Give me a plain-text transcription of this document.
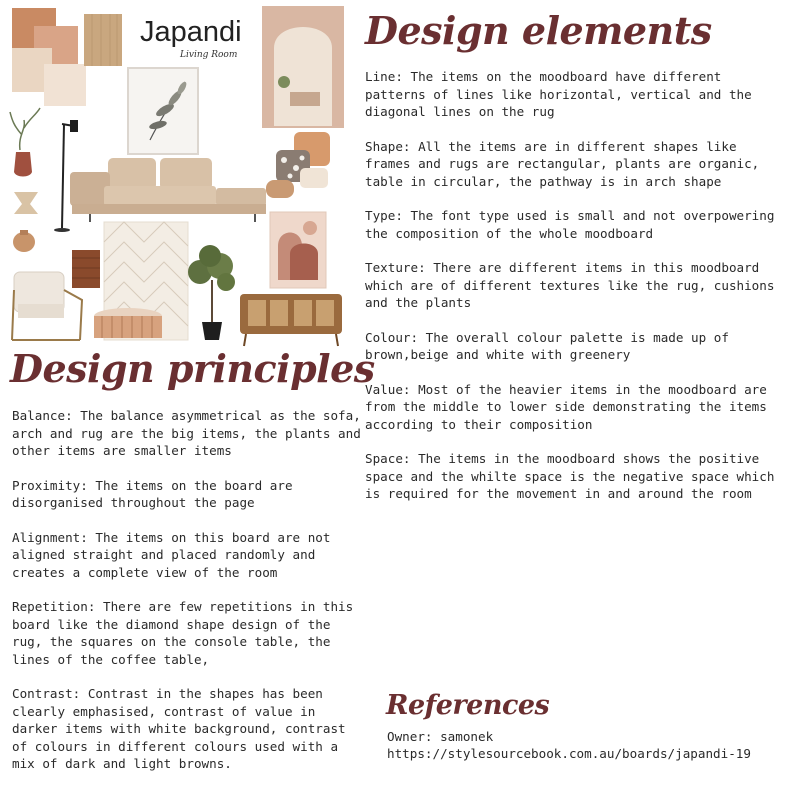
Japandi
Living Room
Design elements

Line: The items on the moodboard have different patterns of lines like horizontal, vertical and the diagonal lines on the rug

Shape: All the items are in different shapes like frames and rugs are rectangular, plants are organic, table in circular, the pathway is in arch shape

Type: The font type used is small and not overpowering the composition of the whole moodboard

Texture: There are different items in this moodboard which are of different textures like the rug, cushions and the plants

Colour: The overall colour palette is made up of brown,beige and white with greenery

Value: Most of the heavier items in the moodboard are from the middle to lower side demonstrating the items according to their composition

Space: The items in the moodboard shows the positive space and the whilte space is the negative space which is required for the movement in and around the room

Design principles

Balance: The balance asymmetrical as the sofa, arch and rug are the big items, the plants and other items are smaller items

Proximity: The items on the board are disorganised throughout the page

Alignment: The items on this board are not aligned straight and placed randomly and creates a complete view of the room

Repetition: There are few repetitions in this board like the diamond shape design of the rug, the squares on the console table, the lines of the coffee table,

Contrast: Contrast in the shapes has been clearly emphasised, contrast of value in darker items with white background, contrast of colours in different colours used with a mix of dark and light browns.

References
Owner: samonek
https://stylesourcebook.com.au/boards/japandi-19
